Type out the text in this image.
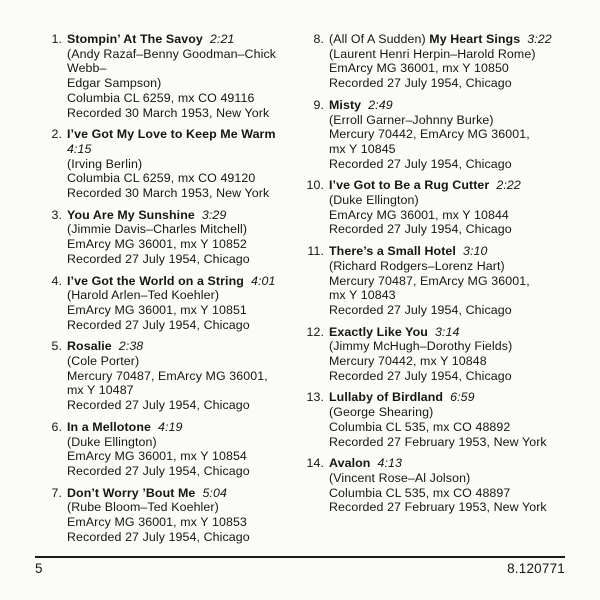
1. Stompin’ At The Savoy 2:21
(Andy Razaf–Benny Goodman–Chick Webb–
Edgar Sampson)
Columbia CL 6259, mx CO 49116
Recorded 30 March 1953, New York
2. I’ve Got My Love to Keep Me Warm
4:15
(Irving Berlin)
Columbia CL 6259, mx CO 49120
Recorded 30 March 1953, New York
3. You Are My Sunshine 3:29
(Jimmie Davis–Charles Mitchell)
EmArcy MG 36001, mx Y 10852
Recorded 27 July 1954, Chicago
4. I’ve Got the World on a String 4:01
(Harold Arlen–Ted Koehler)
EmArcy MG 36001, mx Y 10851
Recorded 27 July 1954, Chicago
5. Rosalie 2:38
(Cole Porter)
Mercury 70487, EmArcy MG 36001,
mx Y 10487
Recorded 27 July 1954, Chicago
6. In a Mellotone 4:19
(Duke Ellington)
EmArcy MG 36001, mx Y 10854
Recorded 27 July 1954, Chicago
7. Don’t Worry ’Bout Me 5:04
(Rube Bloom–Ted Koehler)
EmArcy MG 36001, mx Y 10853
Recorded 27 July 1954, Chicago
8. (All Of A Sudden) My Heart Sings 3:22
(Laurent Henri Herpin–Harold Rome)
EmArcy MG 36001, mx Y 10850
Recorded 27 July 1954, Chicago
9. Misty 2:49
(Erroll Garner–Johnny Burke)
Mercury 70442, EmArcy MG 36001,
mx Y 10845
Recorded 27 July 1954, Chicago
10. I’ve Got to Be a Rug Cutter 2:22
(Duke Ellington)
EmArcy MG 36001, mx Y 10844
Recorded 27 July 1954, Chicago
11. There’s a Small Hotel 3:10
(Richard Rodgers–Lorenz Hart)
Mercury 70487, EmArcy MG 36001,
mx Y 10843
Recorded 27 July 1954, Chicago
12. Exactly Like You 3:14
(Jimmy McHugh–Dorothy Fields)
Mercury 70442, mx Y 10848
Recorded 27 July 1954, Chicago
13. Lullaby of Birdland 6:59
(George Shearing)
Columbia CL 535, mx CO 48892
Recorded 27 February 1953, New York
14. Avalon 4:13
(Vincent Rose–Al Jolson)
Columbia CL 535, mx CO 48897
Recorded 27 February 1953, New York
5	8.120771
